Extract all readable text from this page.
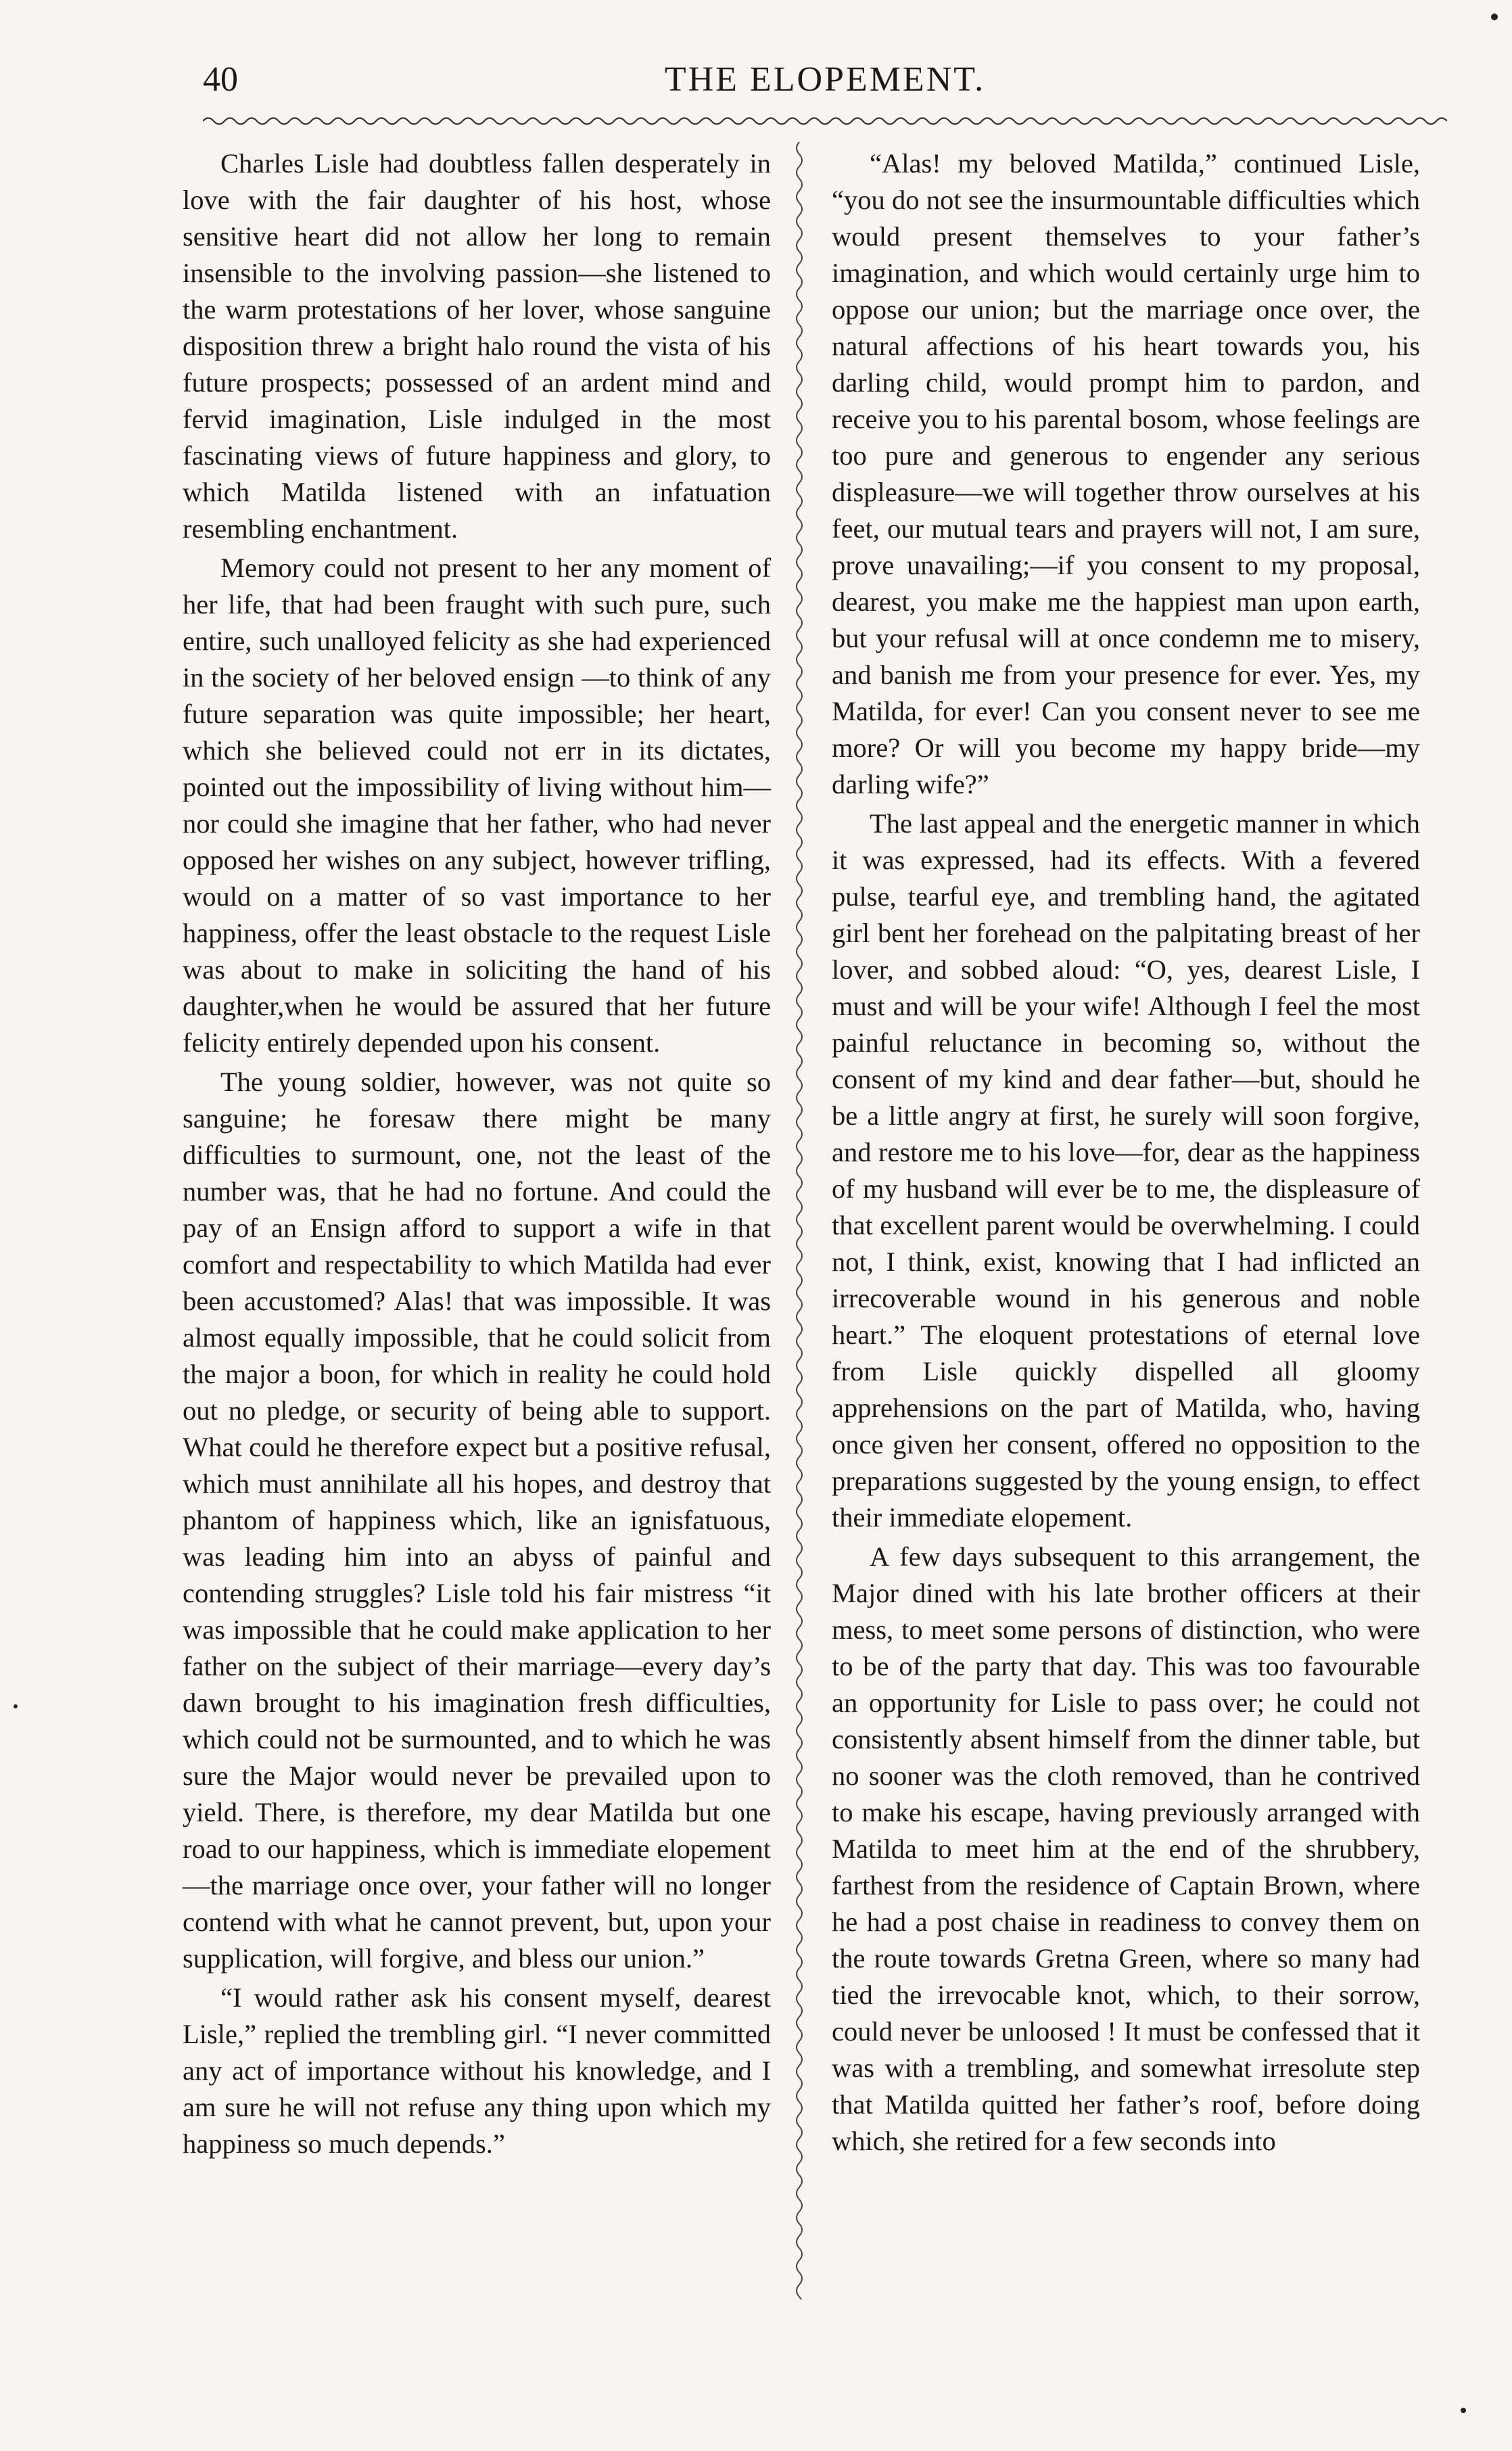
40	THE ELOPEMENT.

Charles Lisle had doubtless fallen desperately in love with the fair daughter of his host, whose sensitive heart did not allow her long to remain insensible to the involving passion—she listened to the warm protestations of her lover, whose sanguine disposition threw a bright halo round the vista of his future prospects; possessed of an ardent mind and fervid imagination, Lisle indulged in the most fascinating views of future happiness and glory, to which Matilda listened with an infatuation resembling enchantment.

Memory could not present to her any moment of her life, that had been fraught with such pure, such entire, such unalloyed felicity as she had experienced in the society of her beloved ensign —to think of any future separation was quite impossible; her heart, which she believed could not err in its dictates, pointed out the impossibility of living without him—nor could she imagine that her father, who had never opposed her wishes on any subject, however trifling, would on a matter of so vast importance to her happiness, offer the least obstacle to the request Lisle was about to make in soliciting the hand of his daughter,when he would be assured that her future felicity entirely depended upon his consent.

The young soldier, however, was not quite so sanguine; he foresaw there might be many difficulties to surmount, one, not the least of the number was, that he had no fortune. And could the pay of an Ensign afford to support a wife in that comfort and respectability to which Matilda had ever been accustomed? Alas! that was impossible. It was almost equally impossible, that he could solicit from the major a boon, for which in reality he could hold out no pledge, or security of being able to support. What could he therefore expect but a positive refusal, which must annihilate all his hopes, and destroy that phantom of happiness which, like an ignisfatuous, was leading him into an abyss of painful and contending struggles? Lisle told his fair mistress “it was impossible that he could make application to her father on the subject of their marriage—every day’s dawn brought to his imagination fresh difficulties, which could not be surmounted, and to which he was sure the Major would never be prevailed upon to yield. There, is therefore, my dear Matilda but one road to our happiness, which is immediate elopement—the marriage once over, your father will no longer contend with what he cannot prevent, but, upon your supplication, will forgive, and bless our union.”

“I would rather ask his consent myself, dearest Lisle,” replied the trembling girl. “I never committed any act of importance without his knowledge, and I am sure he will not refuse any thing upon which my happiness so much depends.”

“Alas! my beloved Matilda,” continued Lisle, “you do not see the insurmountable difficulties which would present themselves to your father’s imagination, and which would certainly urge him to oppose our union; but the marriage once over, the natural affections of his heart towards you, his darling child, would prompt him to pardon, and receive you to his parental bosom, whose feelings are too pure and generous to engender any serious displeasure—we will together throw ourselves at his feet, our mutual tears and prayers will not, I am sure, prove unavailing;—if you consent to my proposal, dearest, you make me the happiest man upon earth, but your refusal will at once condemn me to misery, and banish me from your presence for ever. Yes, my Matilda, for ever! Can you consent never to see me more? Or will you become my happy bride—my darling wife?”

The last appeal and the energetic manner in which it was expressed, had its effects. With a fevered pulse, tearful eye, and trembling hand, the agitated girl bent her forehead on the palpitating breast of her lover, and sobbed aloud: “O, yes, dearest Lisle, I must and will be your wife! Although I feel the most painful reluctance in becoming so, without the consent of my kind and dear father—but, should he be a little angry at first, he surely will soon forgive, and restore me to his love—for, dear as the happiness of my husband will ever be to me, the displeasure of that excellent parent would be overwhelming. I could not, I think, exist, knowing that I had inflicted an irrecoverable wound in his generous and noble heart.” The eloquent protestations of eternal love from Lisle quickly dispelled all gloomy apprehensions on the part of Matilda, who, having once given her consent, offered no opposition to the preparations suggested by the young ensign, to effect their immediate elopement.

A few days subsequent to this arrangement, the Major dined with his late brother officers at their mess, to meet some persons of distinction, who were to be of the party that day. This was too favourable an opportunity for Lisle to pass over; he could not consistently absent himself from the dinner table, but no sooner was the cloth removed, than he contrived to make his escape, having previously arranged with Matilda to meet him at the end of the shrubbery, farthest from the residence of Captain Brown, where he had a post chaise in readiness to convey them on the route towards Gretna Green, where so many had tied the irrevocable knot, which, to their sorrow, could never be unloosed ! It must be confessed that it was with a trembling, and somewhat irresolute step that Matilda quitted her father’s roof, before doing which, she retired for a few seconds into
